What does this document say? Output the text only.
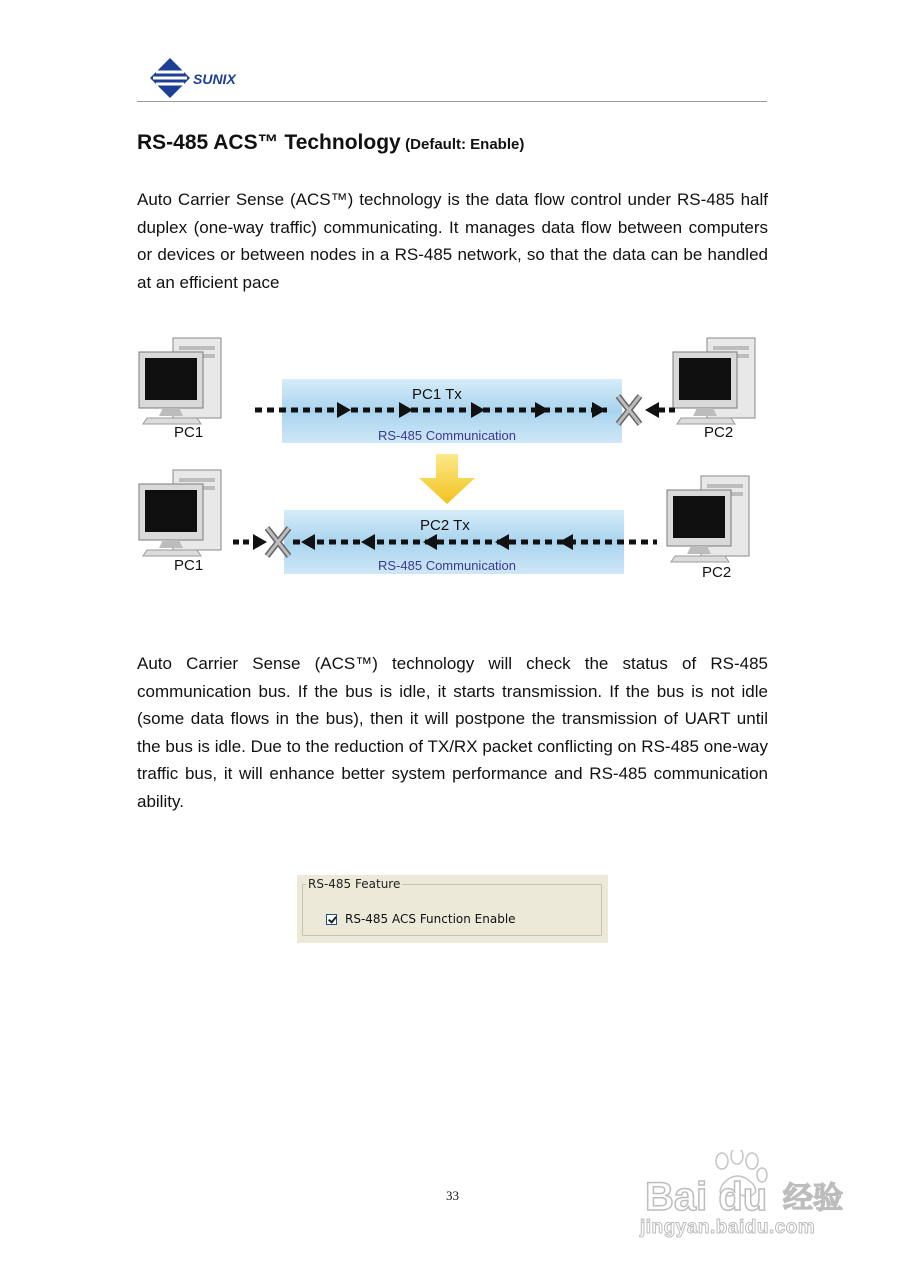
SUNIX
RS-485 ACS™ Technology (Default: Enable)

Auto Carrier Sense (ACS™) technology is the data flow control under RS-485 half duplex (one-way traffic) communicating. It manages data flow between computers or devices or between nodes in a RS-485 network, so that the data can be handled at an efficient pace

PC1 Tx
RS-485 Communication
PC1	PC2
PC2 Tx
RS-485 Communication
PC1	PC2

Auto Carrier Sense (ACS™) technology will check the status of RS-485 communication bus. If the bus is idle, it starts transmission. If the bus is not idle (some data flows in the bus), then it will postpone the transmission of UART until the bus is idle. Due to the reduction of TX/RX packet conflicting on RS-485 one-way traffic bus, it will enhance better system performance and RS-485 communication ability.

RS-485 ACS Function Enable
RS-485 Feature
33	Bai du 经验
jingyan.baidu.com
